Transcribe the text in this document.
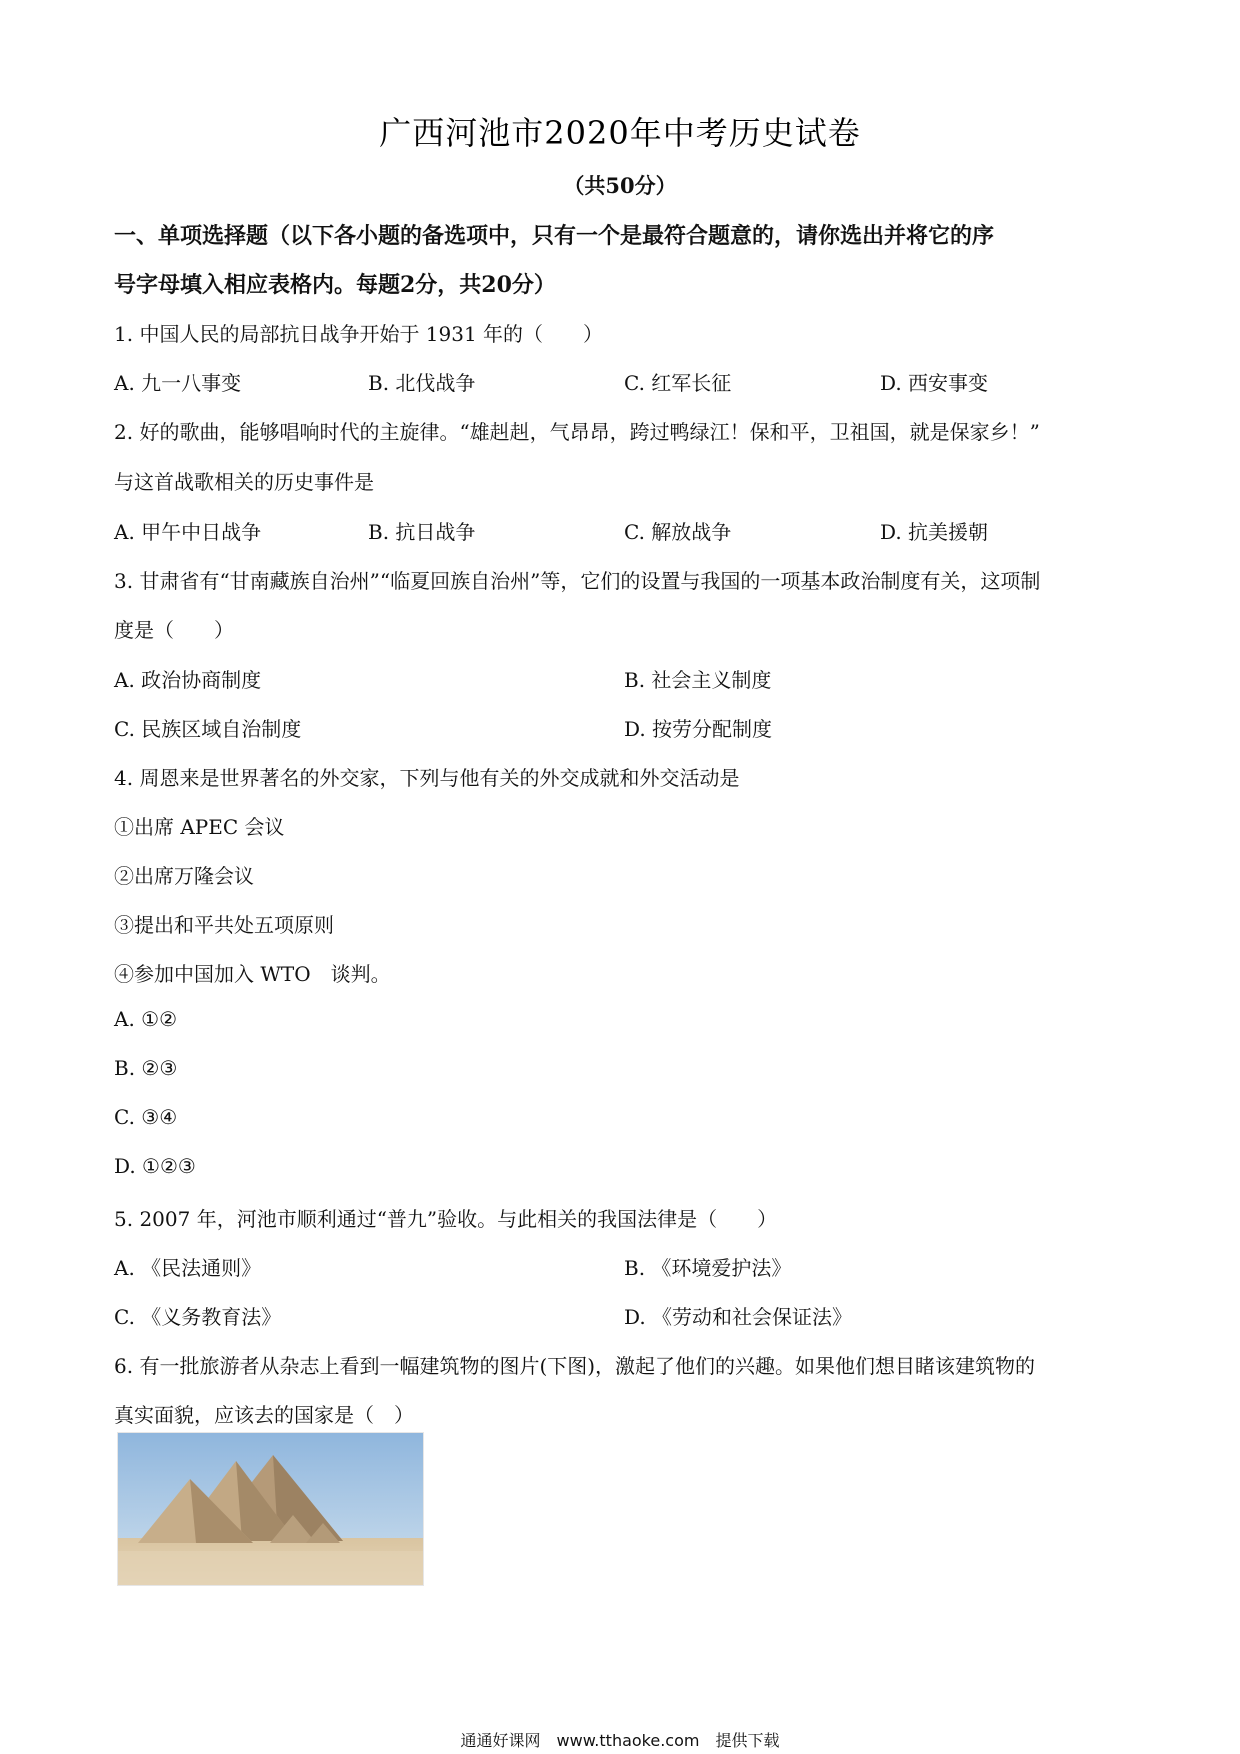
广西河池市2020年中考历史试卷
（共50分）
一、单项选择题（以下各小题的备选项中，只有一个是最符合题意的，请你选出并将它的序
号字母填入相应表格内。每题2分，共20分）
1. 中国人民的局部抗日战争开始于 1931 年的（　　）
A. 九一八事变	B. 北伐战争	C. 红军长征	D. 西安事变
2. 好的歌曲，能够唱响时代的主旋律。“雄赳赳，气昂昂，跨过鸭绿江！保和平，卫祖国，就是保家乡！”
与这首战歌相关的历史事件是
A. 甲午中日战争	B. 抗日战争	C. 解放战争	D. 抗美援朝
3. 甘肃省有“甘南藏族自治州”“临夏回族自治州”等，它们的设置与我国的一项基本政治制度有关，这项制
度是（　　）
A. 政治协商制度	B. 社会主义制度
C. 民族区域自治制度	D. 按劳分配制度
4. 周恩来是世界著名的外交家，下列与他有关的外交成就和外交活动是
①出席 APEC 会议
②出席万隆会议
③提出和平共处五项原则
④参加中国加入 WTO　谈判。
A. ①②
B. ②③
C. ③④
D. ①②③
5. 2007 年，河池市顺利通过“普九”验收。与此相关的我国法律是（　　）
A. 《民法通则》	B. 《环境爱护法》
C. 《义务教育法》	D. 《劳动和社会保证法》
6. 有一批旅游者从杂志上看到一幅建筑物的图片(下图)，激起了他们的兴趣。如果他们想目睹该建筑物的
真实面貌，应该去的国家是（　）
通通好课网　www.tthaoke.com　提供下载
